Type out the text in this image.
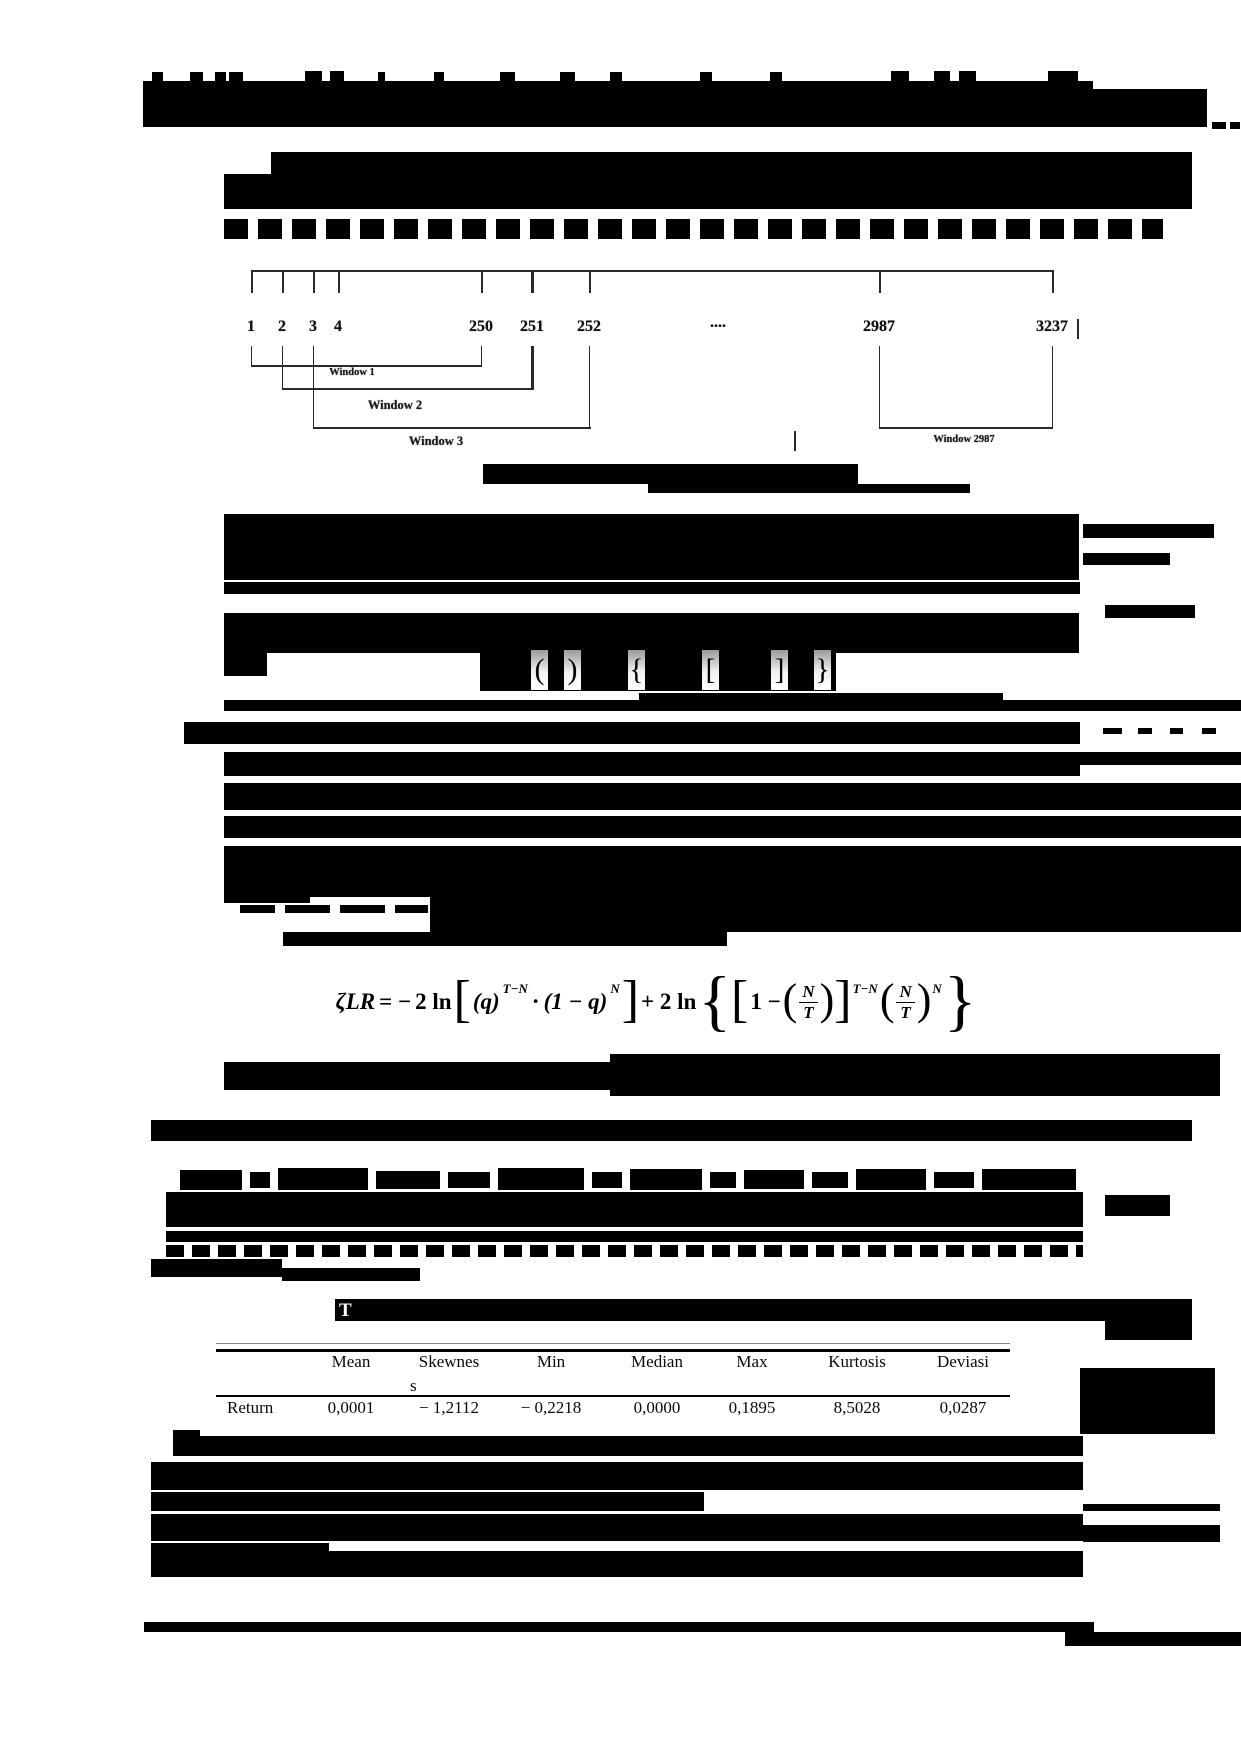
1 2 3 4	250 251 252	....	2987	3237
Window 1
Window 2
Window 3	Window 2987
( ) { [ ] }
ζLR = − 2 ln [ (q)
$^{T-N}$
· (1 − q)
$^N$ ] + 2 ln { [ 1 − ( $\frac{N}{T}$ ) ]$^{T-N}$ ( $\frac{N}{T} )^N$ }
T
Mean	Skewnes	Min	Median	Max	Kurtosis	Deviasi
s
Return	0,0001	− 1,2112	− 0,2218	0,0000	0,1895	8,5028	0,0287
